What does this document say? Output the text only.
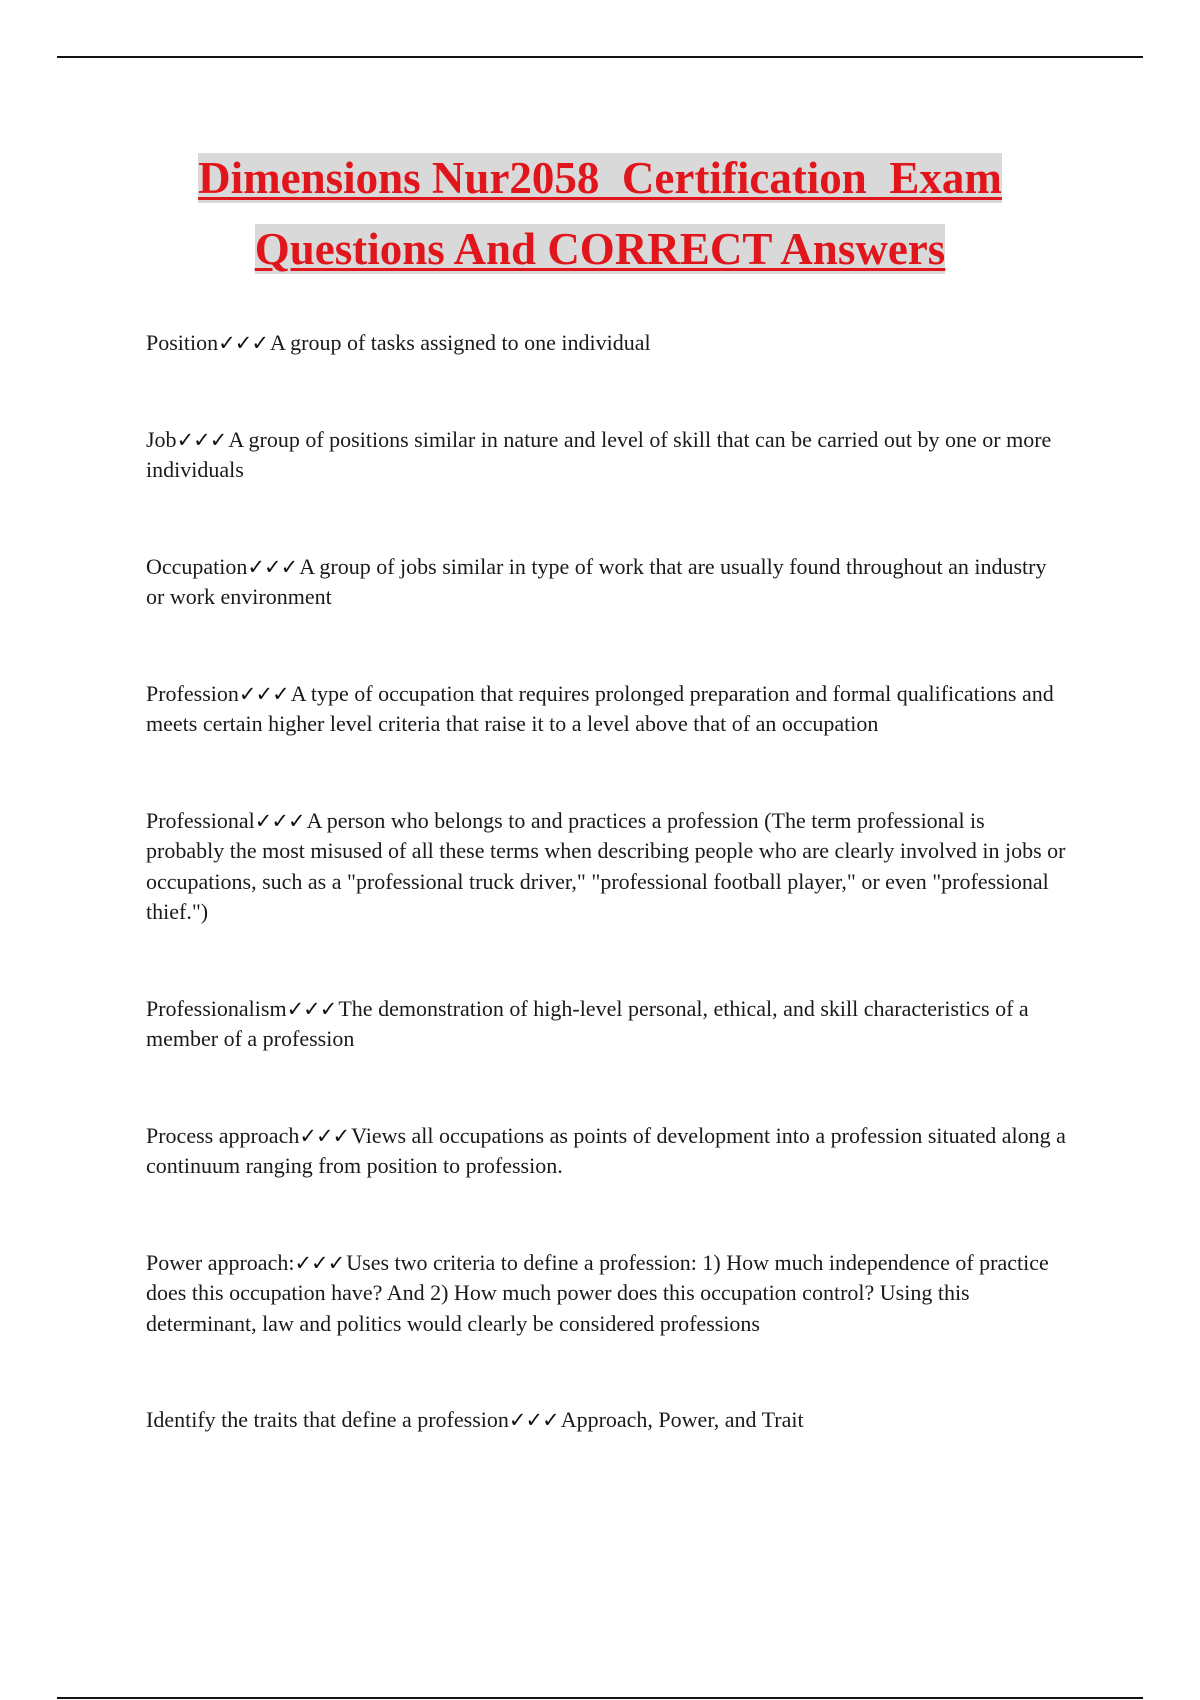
Dimensions Nur2058  Certification  Exam
Questions And CORRECT Answers

Position✓✓✓A group of tasks assigned to one individual

Job✓✓✓A group of positions similar in nature and level of skill that can be carried out by one or more individuals

Occupation✓✓✓A group of jobs similar in type of work that are usually found throughout an industry or work environment

Profession✓✓✓A type of occupation that requires prolonged preparation and formal qualifications and meets certain higher level criteria that raise it to a level above that of an occupation

Professional✓✓✓A person who belongs to and practices a profession (The term professional is probably the most misused of all these terms when describing people who are clearly involved in jobs or occupations, such as a "professional truck driver," "professional football player," or even "professional thief.")

Professionalism✓✓✓The demonstration of high-level personal, ethical, and skill characteristics of a member of a profession

Process approach✓✓✓Views all occupations as points of development into a profession situated along a continuum ranging from position to profession.

Power approach:✓✓✓Uses two criteria to define a profession: 1) How much independence of practice does this occupation have? And 2) How much power does this occupation control? Using this determinant, law and politics would clearly be considered professions

Identify the traits that define a profession✓✓✓Approach, Power, and Trait
